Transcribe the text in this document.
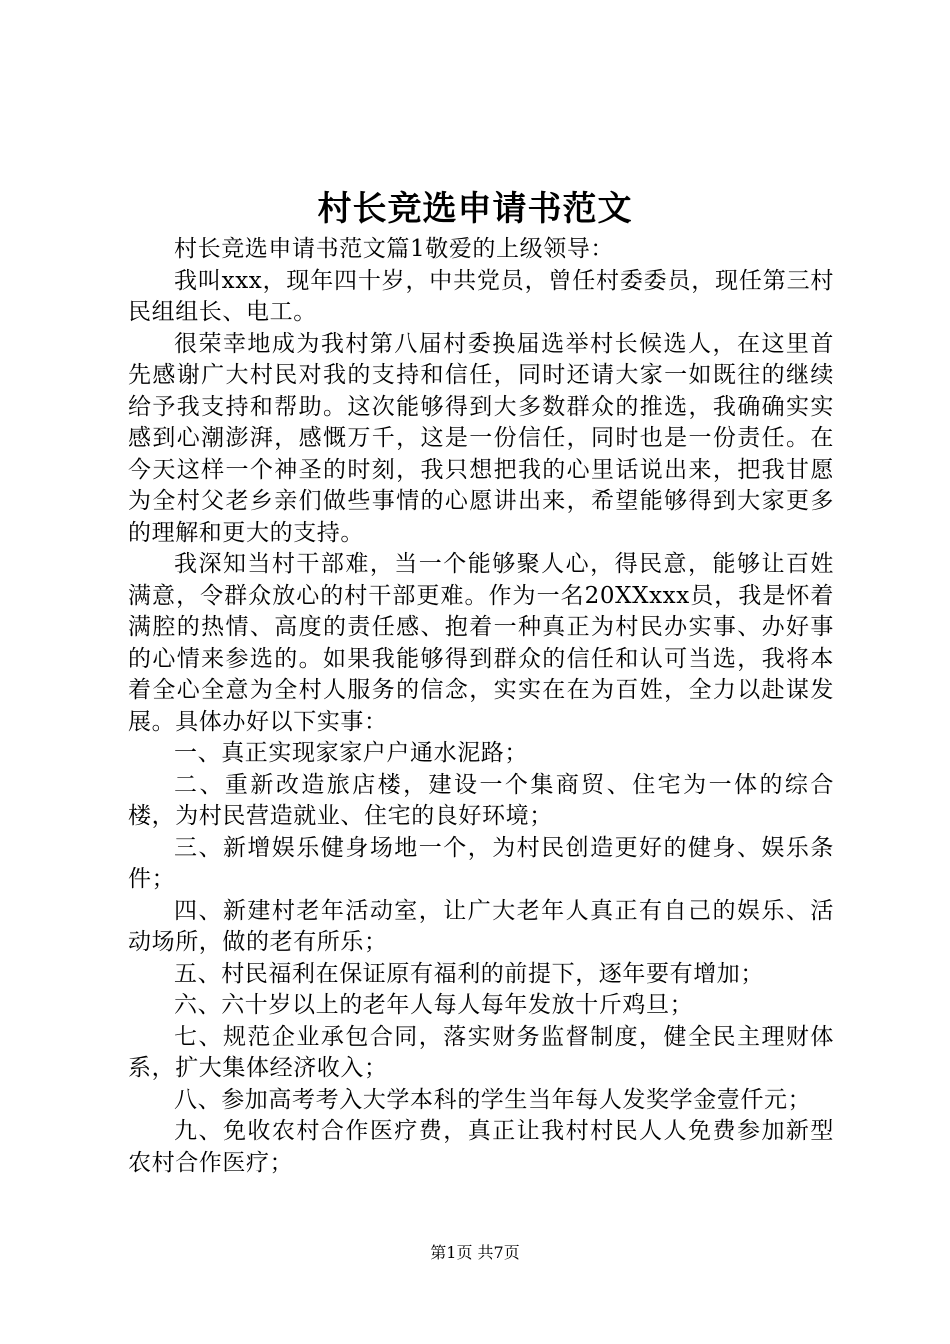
村长竞选申请书范文

村长竞选申请书范文篇1敬爱的上级领导：

我叫xxx，现年四十岁，中共党员，曾任村委委员，现任第三村民组组长、电工。

很荣幸地成为我村第八届村委换届选举村长候选人，在这里首先感谢广大村民对我的支持和信任，同时还请大家一如既往的继续给予我支持和帮助。这次能够得到大多数群众的推选，我确确实实感到心潮澎湃，感慨万千，这是一份信任，同时也是一份责任。在今天这样一个神圣的时刻，我只想把我的心里话说出来，把我甘愿为全村父老乡亲们做些事情的心愿讲出来，希望能够得到大家更多的理解和更大的支持。

我深知当村干部难，当一个能够聚人心，得民意，能够让百姓满意，令群众放心的村干部更难。作为一名20XXxxx员，我是怀着满腔的热情、高度的责任感、抱着一种真正为村民办实事、办好事的心情来参选的。如果我能够得到群众的信任和认可当选，我将本着全心全意为全村人服务的信念，实实在在为百姓，全力以赴谋发展。具体办好以下实事：

一、真正实现家家户户通水泥路；

二、重新改造旅店楼，建设一个集商贸、住宅为一体的综合楼，为村民营造就业、住宅的良好环境；

三、新增娱乐健身场地一个，为村民创造更好的健身、娱乐条件；

四、新建村老年活动室，让广大老年人真正有自己的娱乐、活动场所，做的老有所乐；

五、村民福利在保证原有福利的前提下，逐年要有增加；

六、六十岁以上的老年人每人每年发放十斤鸡旦；

七、规范企业承包合同，落实财务监督制度，健全民主理财体系，扩大集体经济收入；

八、参加高考考入大学本科的学生当年每人发奖学金壹仟元；

九、免收农村合作医疗费，真正让我村村民人人免费参加新型农村合作医疗；

第1页 共7页
